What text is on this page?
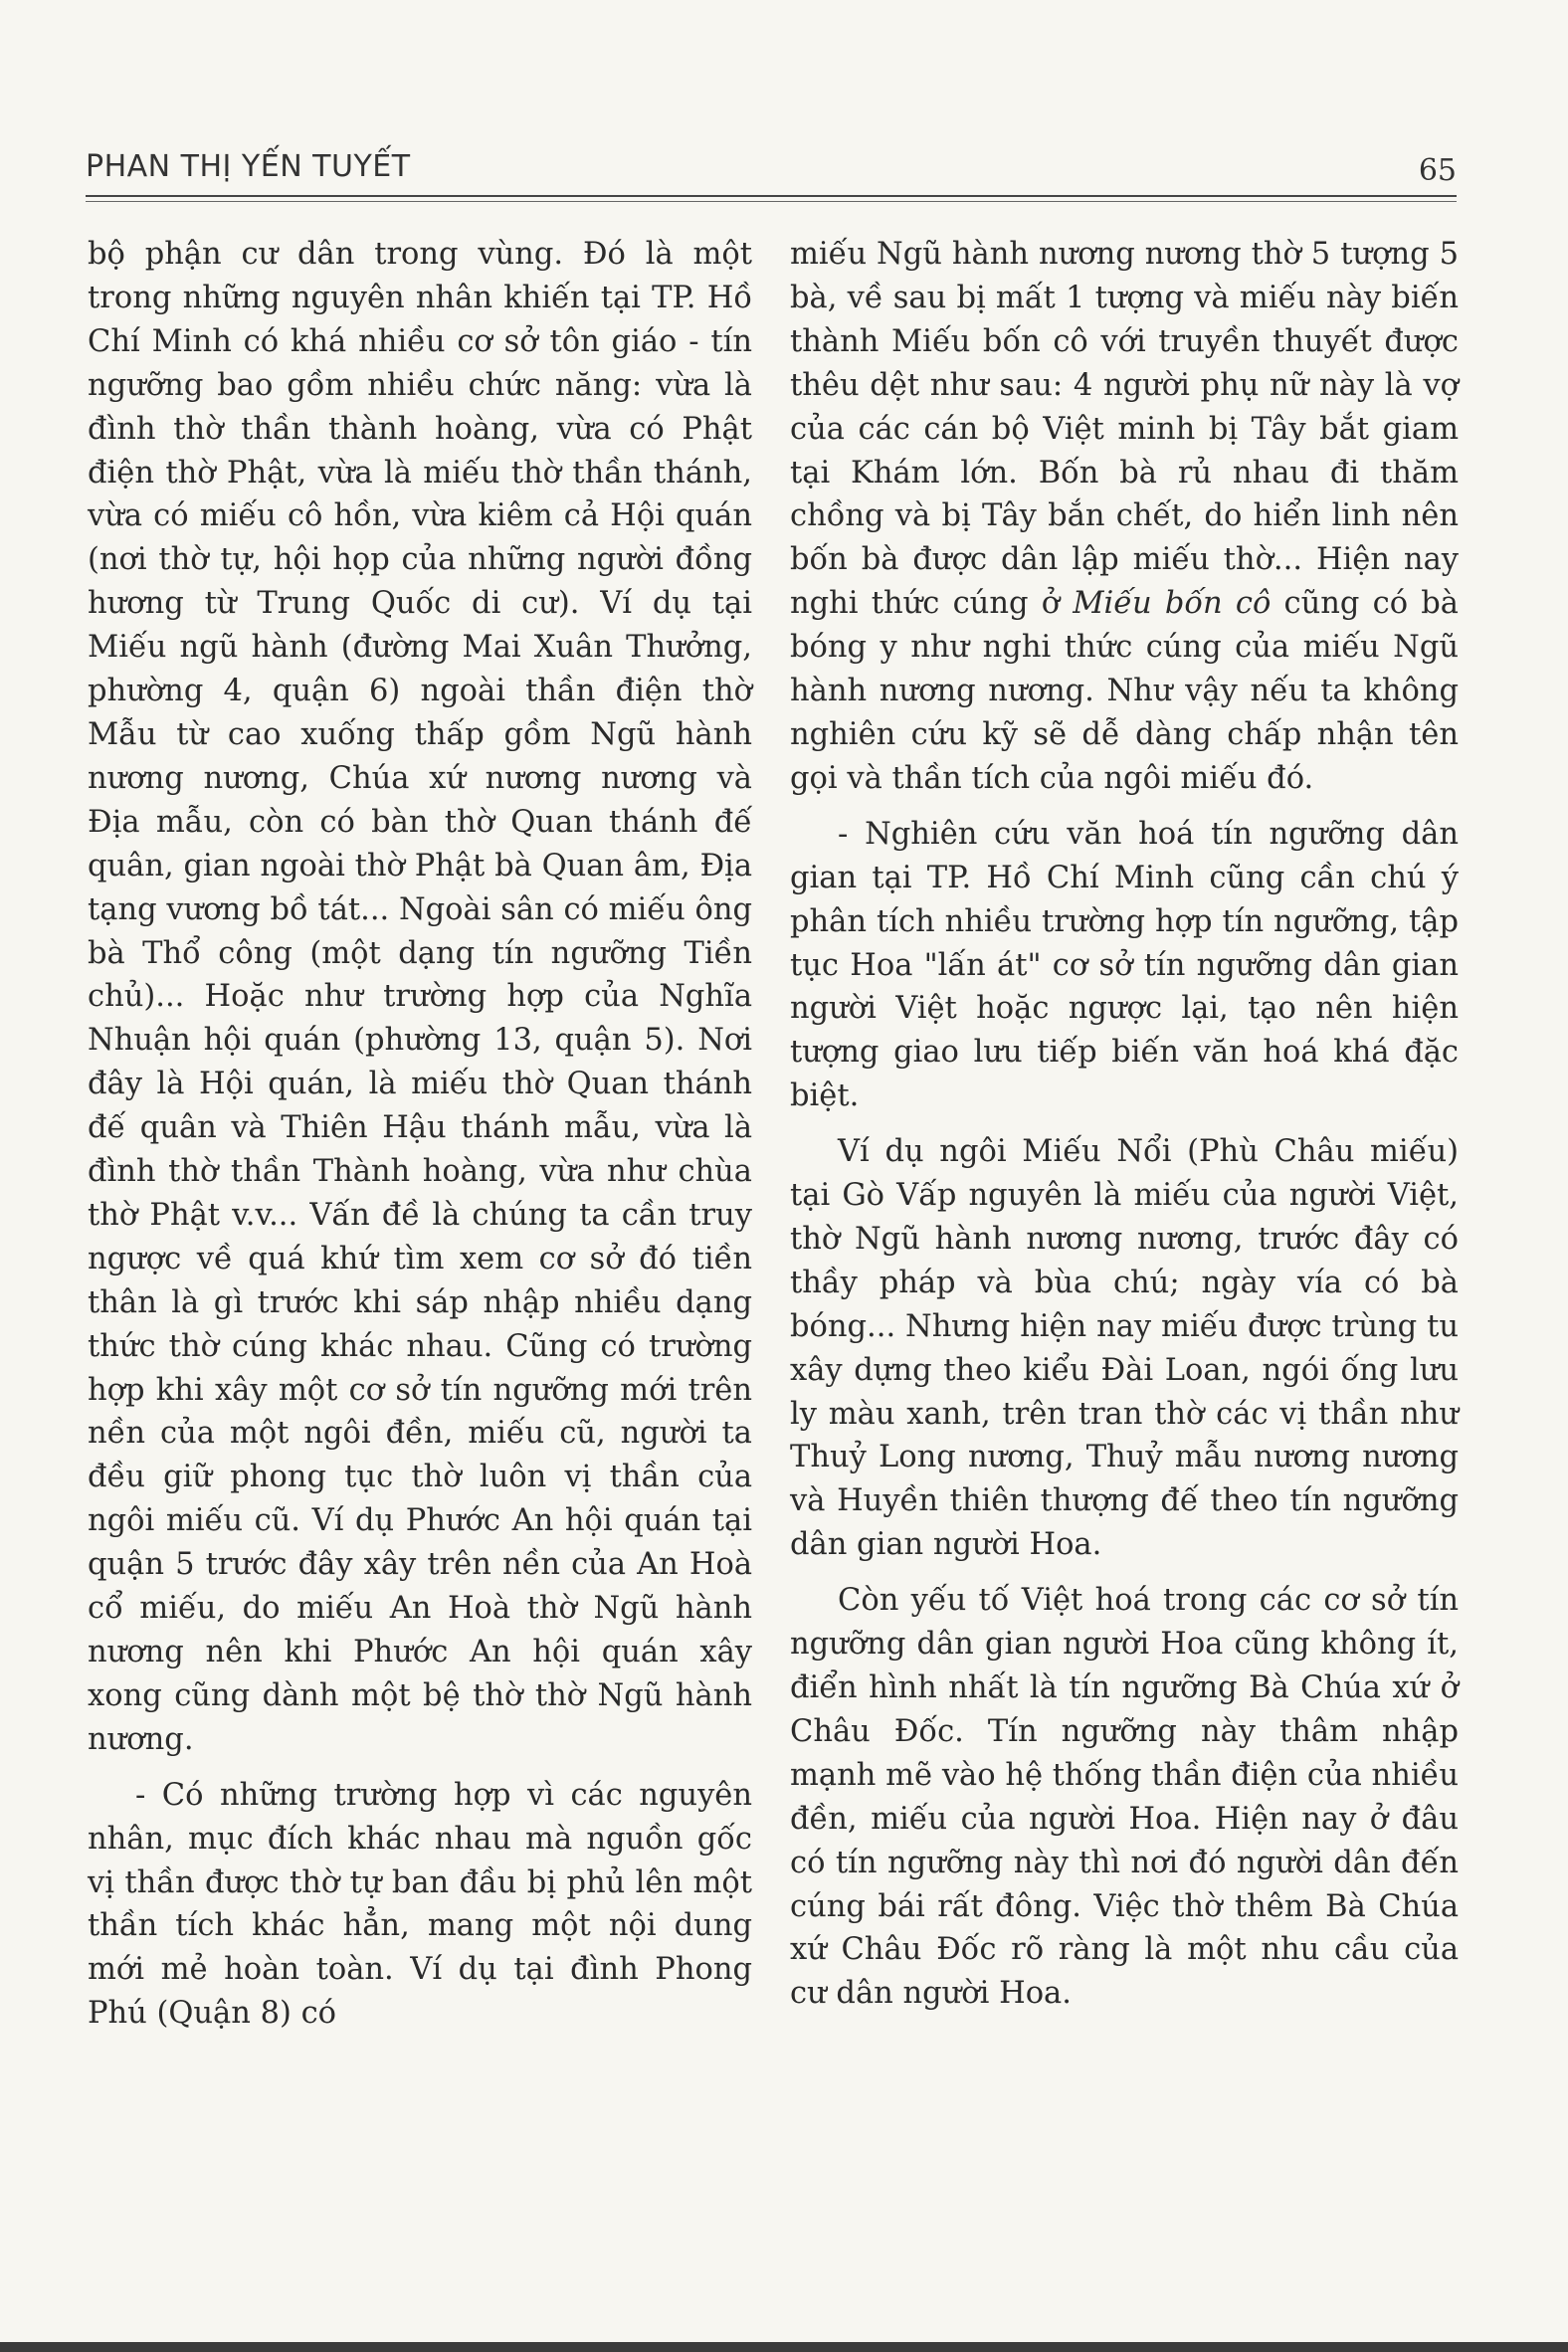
PHAN THỊ YẾN TUYẾT	65

bộ phận cư dân trong vùng. Đó là một trong những nguyên nhân khiến tại TP. Hồ Chí Minh có khá nhiều cơ sở tôn giáo - tín ngưỡng bao gồm nhiều chức năng: vừa là đình thờ thần thành hoàng, vừa có Phật điện thờ Phật, vừa là miếu thờ thần thánh, vừa có miếu cô hồn, vừa kiêm cả Hội quán (nơi thờ tự, hội họp của những người đồng hương từ Trung Quốc di cư). Ví dụ tại Miếu ngũ hành (đường Mai Xuân Thưởng, phường 4, quận 6) ngoài thần điện thờ Mẫu từ cao xuống thấp gồm Ngũ hành nương nương, Chúa xứ nương nương và Địa mẫu, còn có bàn thờ Quan thánh đế quân, gian ngoài thờ Phật bà Quan âm, Địa tạng vương bồ tát... Ngoài sân có miếu ông bà Thổ công (một dạng tín ngưỡng Tiền chủ)... Hoặc như trường hợp của Nghĩa Nhuận hội quán (phường 13, quận 5). Nơi đây là Hội quán, là miếu thờ Quan thánh đế quân và Thiên Hậu thánh mẫu, vừa là đình thờ thần Thành hoàng, vừa như chùa thờ Phật v.v... Vấn đề là chúng ta cần truy ngược về quá khứ tìm xem cơ sở đó tiền thân là gì trước khi sáp nhập nhiều dạng thức thờ cúng khác nhau. Cũng có trường hợp khi xây một cơ sở tín ngưỡng mới trên nền của một ngôi đền, miếu cũ, người ta đều giữ phong tục thờ luôn vị thần của ngôi miếu cũ. Ví dụ Phước An hội quán tại quận 5 trước đây xây trên nền của An Hoà cổ miếu, do miếu An Hoà thờ Ngũ hành nương nên khi Phước An hội quán xây xong cũng dành một bệ thờ thờ Ngũ hành nương.

- Có những trường hợp vì các nguyên nhân, mục đích khác nhau mà nguồn gốc vị thần được thờ tự ban đầu bị phủ lên một thần tích khác hẳn, mang một nội dung mới mẻ hoàn toàn. Ví dụ tại đình Phong Phú (Quận 8) có

miếu Ngũ hành nương nương thờ 5 tượng 5 bà, về sau bị mất 1 tượng và miếu này biến thành Miếu bốn cô với truyền thuyết được thêu dệt như sau: 4 người phụ nữ này là vợ của các cán bộ Việt minh bị Tây bắt giam tại Khám lớn. Bốn bà rủ nhau đi thăm chồng và bị Tây bắn chết, do hiển linh nên bốn bà được dân lập miếu thờ... Hiện nay nghi thức cúng ở Miếu bốn cô cũng có bà bóng y như nghi thức cúng của miếu Ngũ hành nương nương. Như vậy nếu ta không nghiên cứu kỹ sẽ dễ dàng chấp nhận tên gọi và thần tích của ngôi miếu đó.

- Nghiên cứu văn hoá tín ngưỡng dân gian tại TP. Hồ Chí Minh cũng cần chú ý phân tích nhiều trường hợp tín ngưỡng, tập tục Hoa "lấn át" cơ sở tín ngưỡng dân gian người Việt hoặc ngược lại, tạo nên hiện tượng giao lưu tiếp biến văn hoá khá đặc biệt.

Ví dụ ngôi Miếu Nổi (Phù Châu miếu) tại Gò Vấp nguyên là miếu của người Việt, thờ Ngũ hành nương nương, trước đây có thầy pháp và bùa chú; ngày vía có bà bóng... Nhưng hiện nay miếu được trùng tu xây dựng theo kiểu Đài Loan, ngói ống lưu ly màu xanh, trên tran thờ các vị thần như Thuỷ Long nương, Thuỷ mẫu nương nương và Huyền thiên thượng đế theo tín ngưỡng dân gian người Hoa.

Còn yếu tố Việt hoá trong các cơ sở tín ngưỡng dân gian người Hoa cũng không ít, điển hình nhất là tín ngưỡng Bà Chúa xứ ở Châu Đốc. Tín ngưỡng này thâm nhập mạnh mẽ vào hệ thống thần điện của nhiều đền, miếu của người Hoa. Hiện nay ở đâu có tín ngưỡng này thì nơi đó người dân đến cúng bái rất đông. Việc thờ thêm Bà Chúa xứ Châu Đốc rõ ràng là một nhu cầu của cư dân người Hoa.
